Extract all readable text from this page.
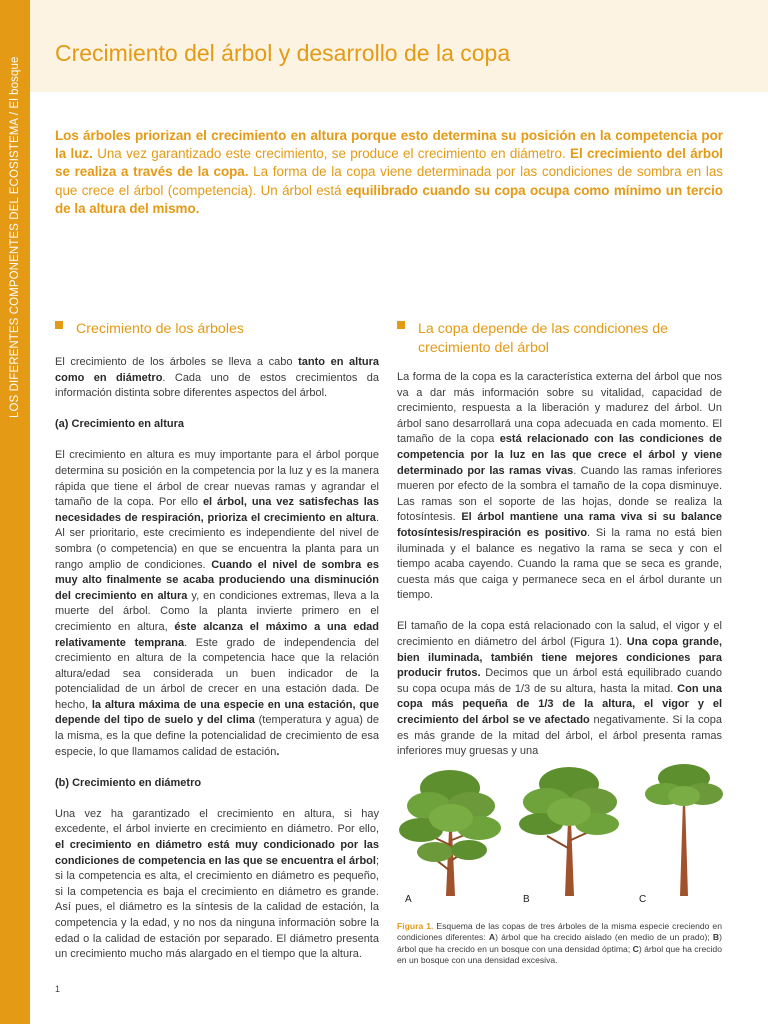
LOS DIFERENTES COMPONENTES DEL ECOSISTEMA / El bosque
Crecimiento del árbol y desarrollo de la copa
Los árboles priorizan el crecimiento en altura porque esto determina su posición en la competencia por la luz. Una vez garantizado este crecimiento, se produce el crecimiento en diámetro. El crecimiento del árbol se realiza a través de la copa. La forma de la copa viene determinada por las condiciones de sombra en las que crece el árbol (competencia). Un árbol está equilibrado cuando su copa ocupa como mínimo un tercio de la altura del mismo.
Crecimiento de los árboles

El crecimiento de los árboles se lleva a cabo tanto en altura como en diámetro. Cada uno de estos crecimientos da información distinta sobre diferentes aspectos del árbol.

(a) Crecimiento en altura

El crecimiento en altura es muy importante para el árbol porque determina su posición en la competencia por la luz y es la manera rápida que tiene el árbol de crear nuevas ramas y agrandar el tamaño de la copa. Por ello el árbol, una vez satisfechas las necesidades de respiración, prioriza el crecimiento en altura. Al ser prioritario, este crecimiento es independiente del nivel de sombra (o competencia) en que se encuentra la planta para un rango amplio de condiciones. Cuando el nivel de sombra es muy alto finalmente se acaba produciendo una disminución del crecimiento en altura y, en condiciones extremas, lleva a la muerte del árbol. Como la planta invierte primero en el crecimiento en altura, éste alcanza el máximo a una edad relativamente temprana. Este grado de independencia del crecimiento en altura de la competencia hace que la relación altura/edad sea considerada un buen indicador de la potencialidad de un árbol de crecer en una estación dada. De hecho, la altura máxima de una especie en una estación, que depende del tipo de suelo y del clima (temperatura y agua) de la misma, es la que define la potencialidad de crecimiento de esa especie, lo que llamamos calidad de estación.

(b) Crecimiento en diámetro

Una vez ha garantizado el crecimiento en altura, si hay excedente, el árbol invierte en crecimiento en diámetro. Por ello, el crecimiento en diámetro está muy condicionado por las condiciones de competencia en las que se encuentra el árbol; si la competencia es alta, el crecimiento en diámetro es pequeño, si la competencia es baja el crecimiento en diámetro es grande. Así pues, el diámetro es la síntesis de la calidad de estación, la competencia y la edad, y no nos da ninguna información sobre la edad o la calidad de estación por separado. El diámetro presenta un crecimiento mucho más alargado en el tiempo que la altura.

La copa depende de las condiciones de crecimiento del árbol

La forma de la copa es la característica externa del árbol que nos va a dar más información sobre su vitalidad, capacidad de crecimiento, respuesta a la liberación y madurez del árbol. Un árbol sano desarrollará una copa adecuada en cada momento. El tamaño de la copa está relacionado con las condiciones de competencia por la luz en las que crece el árbol y viene determinado por las ramas vivas. Cuando las ramas inferiores mueren por efecto de la sombra el tamaño de la copa disminuye. Las ramas son el soporte de las hojas, donde se realiza la fotosíntesis. El árbol mantiene una rama viva si su balance fotosíntesis/respiración es positivo. Si la rama no está bien iluminada y el balance es negativo la rama se seca y con el tiempo acaba cayendo. Cuando la rama que se seca es grande, cuesta más que caiga y permanece seca en el árbol durante un tiempo.

El tamaño de la copa está relacionado con la salud, el vigor y el crecimiento en diámetro del árbol (Figura 1). Una copa grande, bien iluminada, también tiene mejores condiciones para producir frutos. Decimos que un árbol está equilibrado cuando su copa ocupa más de 1/3 de su altura, hasta la mitad. Con una copa más pequeña de 1/3 de la altura, el vigor y el crecimiento del árbol se ve afectado negativamente. Si la copa es más grande de la mitad del árbol, el árbol presenta ramas inferiores muy gruesas y una

A	B	C
Figura 1. Esquema de las copas de tres árboles de la misma especie creciendo en condiciones diferentes: A) árbol que ha crecido aislado (en medio de un prado); B) árbol que ha crecido en un bosque con una densidad óptima; C) árbol que ha crecido en un bosque con una densidad excesiva.
1
